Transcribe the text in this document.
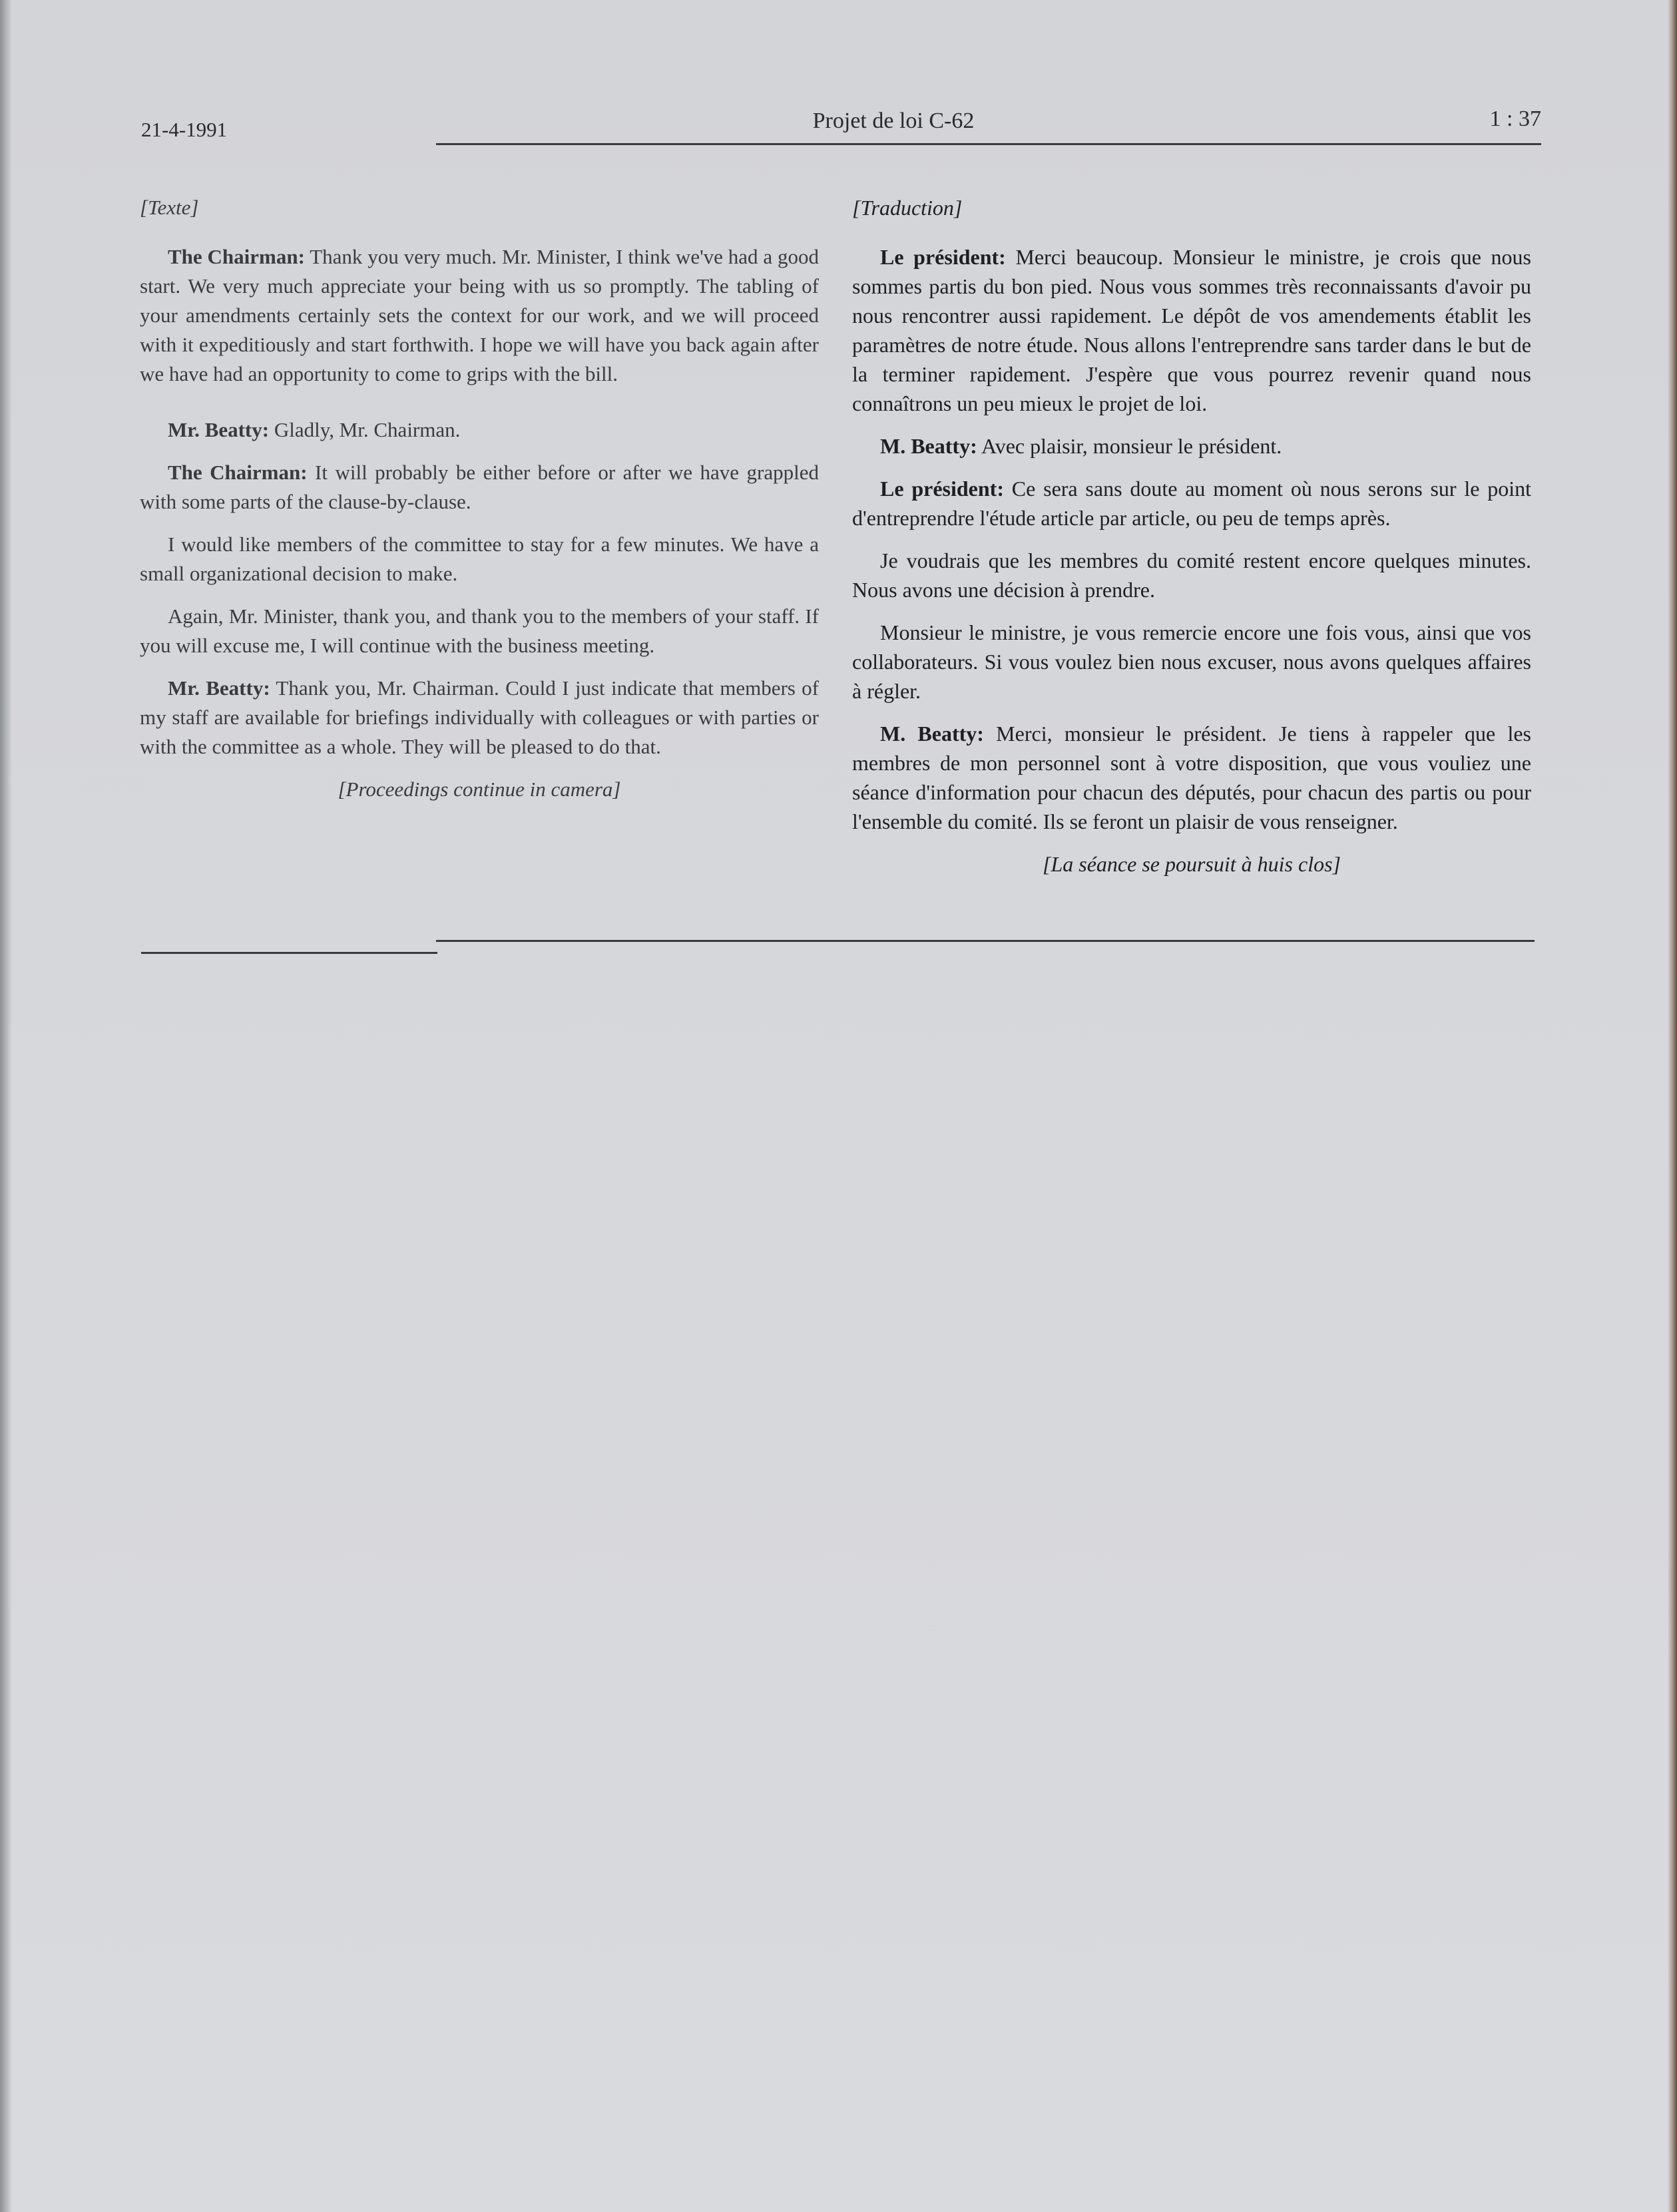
21-4-1991	Projet de loi C-62	1 : 37
[Texte]

The Chairman: Thank you very much. Mr. Minister, I think we've had a good start. We very much appreciate your being with us so promptly. The tabling of your amendments certainly sets the context for our work, and we will proceed with it expeditiously and start forthwith. I hope we will have you back again after we have had an opportunity to come to grips with the bill.

Mr. Beatty: Gladly, Mr. Chairman.

The Chairman: It will probably be either before or after we have grappled with some parts of the clause-by-clause.

I would like members of the committee to stay for a few minutes. We have a small organizational decision to make.

Again, Mr. Minister, thank you, and thank you to the members of your staff. If you will excuse me, I will continue with the business meeting.

Mr. Beatty: Thank you, Mr. Chairman. Could I just indicate that members of my staff are available for briefings individually with colleagues or with parties or with the committee as a whole. They will be pleased to do that.

[Proceedings continue in camera]
[Traduction]

Le président: Merci beaucoup. Monsieur le ministre, je crois que nous sommes partis du bon pied. Nous vous sommes très reconnaissants d'avoir pu nous rencontrer aussi rapidement. Le dépôt de vos amendements établit les paramètres de notre étude. Nous allons l'entreprendre sans tarder dans le but de la terminer rapidement. J'espère que vous pourrez revenir quand nous connaîtrons un peu mieux le projet de loi.

M. Beatty: Avec plaisir, monsieur le président.

Le président: Ce sera sans doute au moment où nous serons sur le point d'entreprendre l'étude article par article, ou peu de temps après.

Je voudrais que les membres du comité restent encore quelques minutes. Nous avons une décision à prendre.

Monsieur le ministre, je vous remercie encore une fois vous, ainsi que vos collaborateurs. Si vous voulez bien nous excuser, nous avons quelques affaires à régler.

M. Beatty: Merci, monsieur le président. Je tiens à rappeler que les membres de mon personnel sont à votre disposition, que vous vouliez une séance d'information pour chacun des députés, pour chacun des partis ou pour l'ensemble du comité. Ils se feront un plaisir de vous renseigner.

[La séance se poursuit à huis clos]
